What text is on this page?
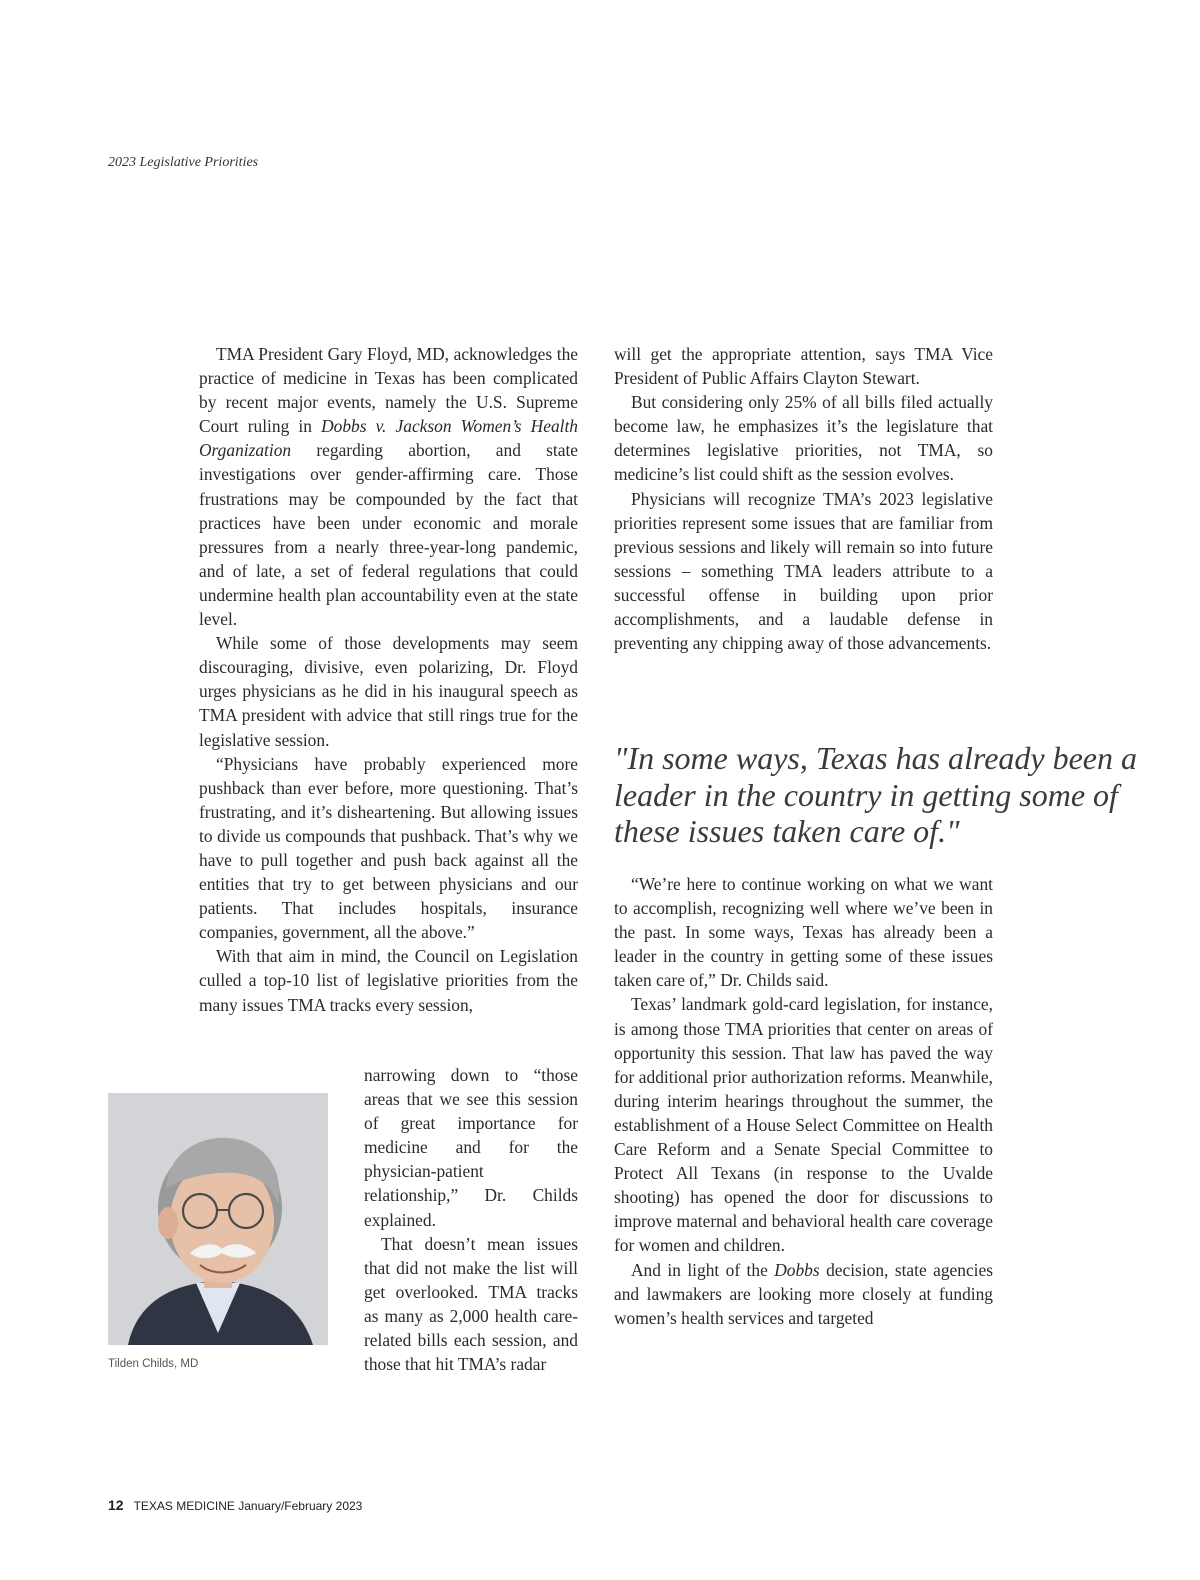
2023 Legislative Priorities

TMA President Gary Floyd, MD, acknowledges the practice of medicine in Texas has been complicated by recent major events, namely the U.S. Supreme Court ruling in Dobbs v. Jackson Women’s Health Organization regarding abortion, and state investigations over gender-affirming care. Those frustrations may be compounded by the fact that practices have been under economic and morale pressures from a nearly three-year-long pandemic, and of late, a set of federal regulations that could undermine health plan accountability even at the state level.

While some of those developments may seem discouraging, divisive, even polarizing, Dr. Floyd urges physicians as he did in his inaugural speech as TMA president with advice that still rings true for the legislative session.

“Physicians have probably experienced more pushback than ever before, more questioning. That’s frustrating, and it’s disheartening. But allowing issues to divide us compounds that pushback. That’s why we have to pull together and push back against all the entities that try to get between physicians and our patients. That includes hospitals, insurance companies, government, all the above.”

With that aim in mind, the Council on Legislation culled a top-10 list of legislative priorities from the many issues TMA tracks every session,

narrowing down to “those areas that we see this session of great importance for medicine and for the physician-patient relationship,” Dr. Childs explained.

That doesn’t mean issues that did not make the list will get overlooked. TMA tracks as many as 2,000 health care-related bills each session, and those that hit TMA’s radar

Tilden Childs, MD

will get the appropriate attention, says TMA Vice President of Public Affairs Clayton Stewart.

But considering only 25% of all bills filed actually become law, he emphasizes it’s the legislature that determines legislative priorities, not TMA, so medicine’s list could shift as the session evolves.

Physicians will recognize TMA’s 2023 legislative priorities represent some issues that are familiar from previous sessions and likely will remain so into future sessions – something TMA leaders attribute to a successful offense in building upon prior accomplishments, and a laudable defense in preventing any chipping away of those advancements.

"In some ways, Texas has already been a leader in the country in getting some of these issues taken care of."

“We’re here to continue working on what we want to accomplish, recognizing well where we’ve been in the past. In some ways, Texas has already been a leader in the country in getting some of these issues taken care of,” Dr. Childs said.

Texas’ landmark gold-card legislation, for instance, is among those TMA priorities that center on areas of opportunity this session. That law has paved the way for additional prior authorization reforms. Meanwhile, during interim hearings throughout the summer, the establishment of a House Select Committee on Health Care Reform and a Senate Special Committee to Protect All Texans (in response to the Uvalde shooting) has opened the door for discussions to improve maternal and behavioral health care coverage for women and children.

And in light of the Dobbs decision, state agencies and lawmakers are looking more closely at funding women’s health services and targeted

12 TEXAS MEDICINE January/February 2023
